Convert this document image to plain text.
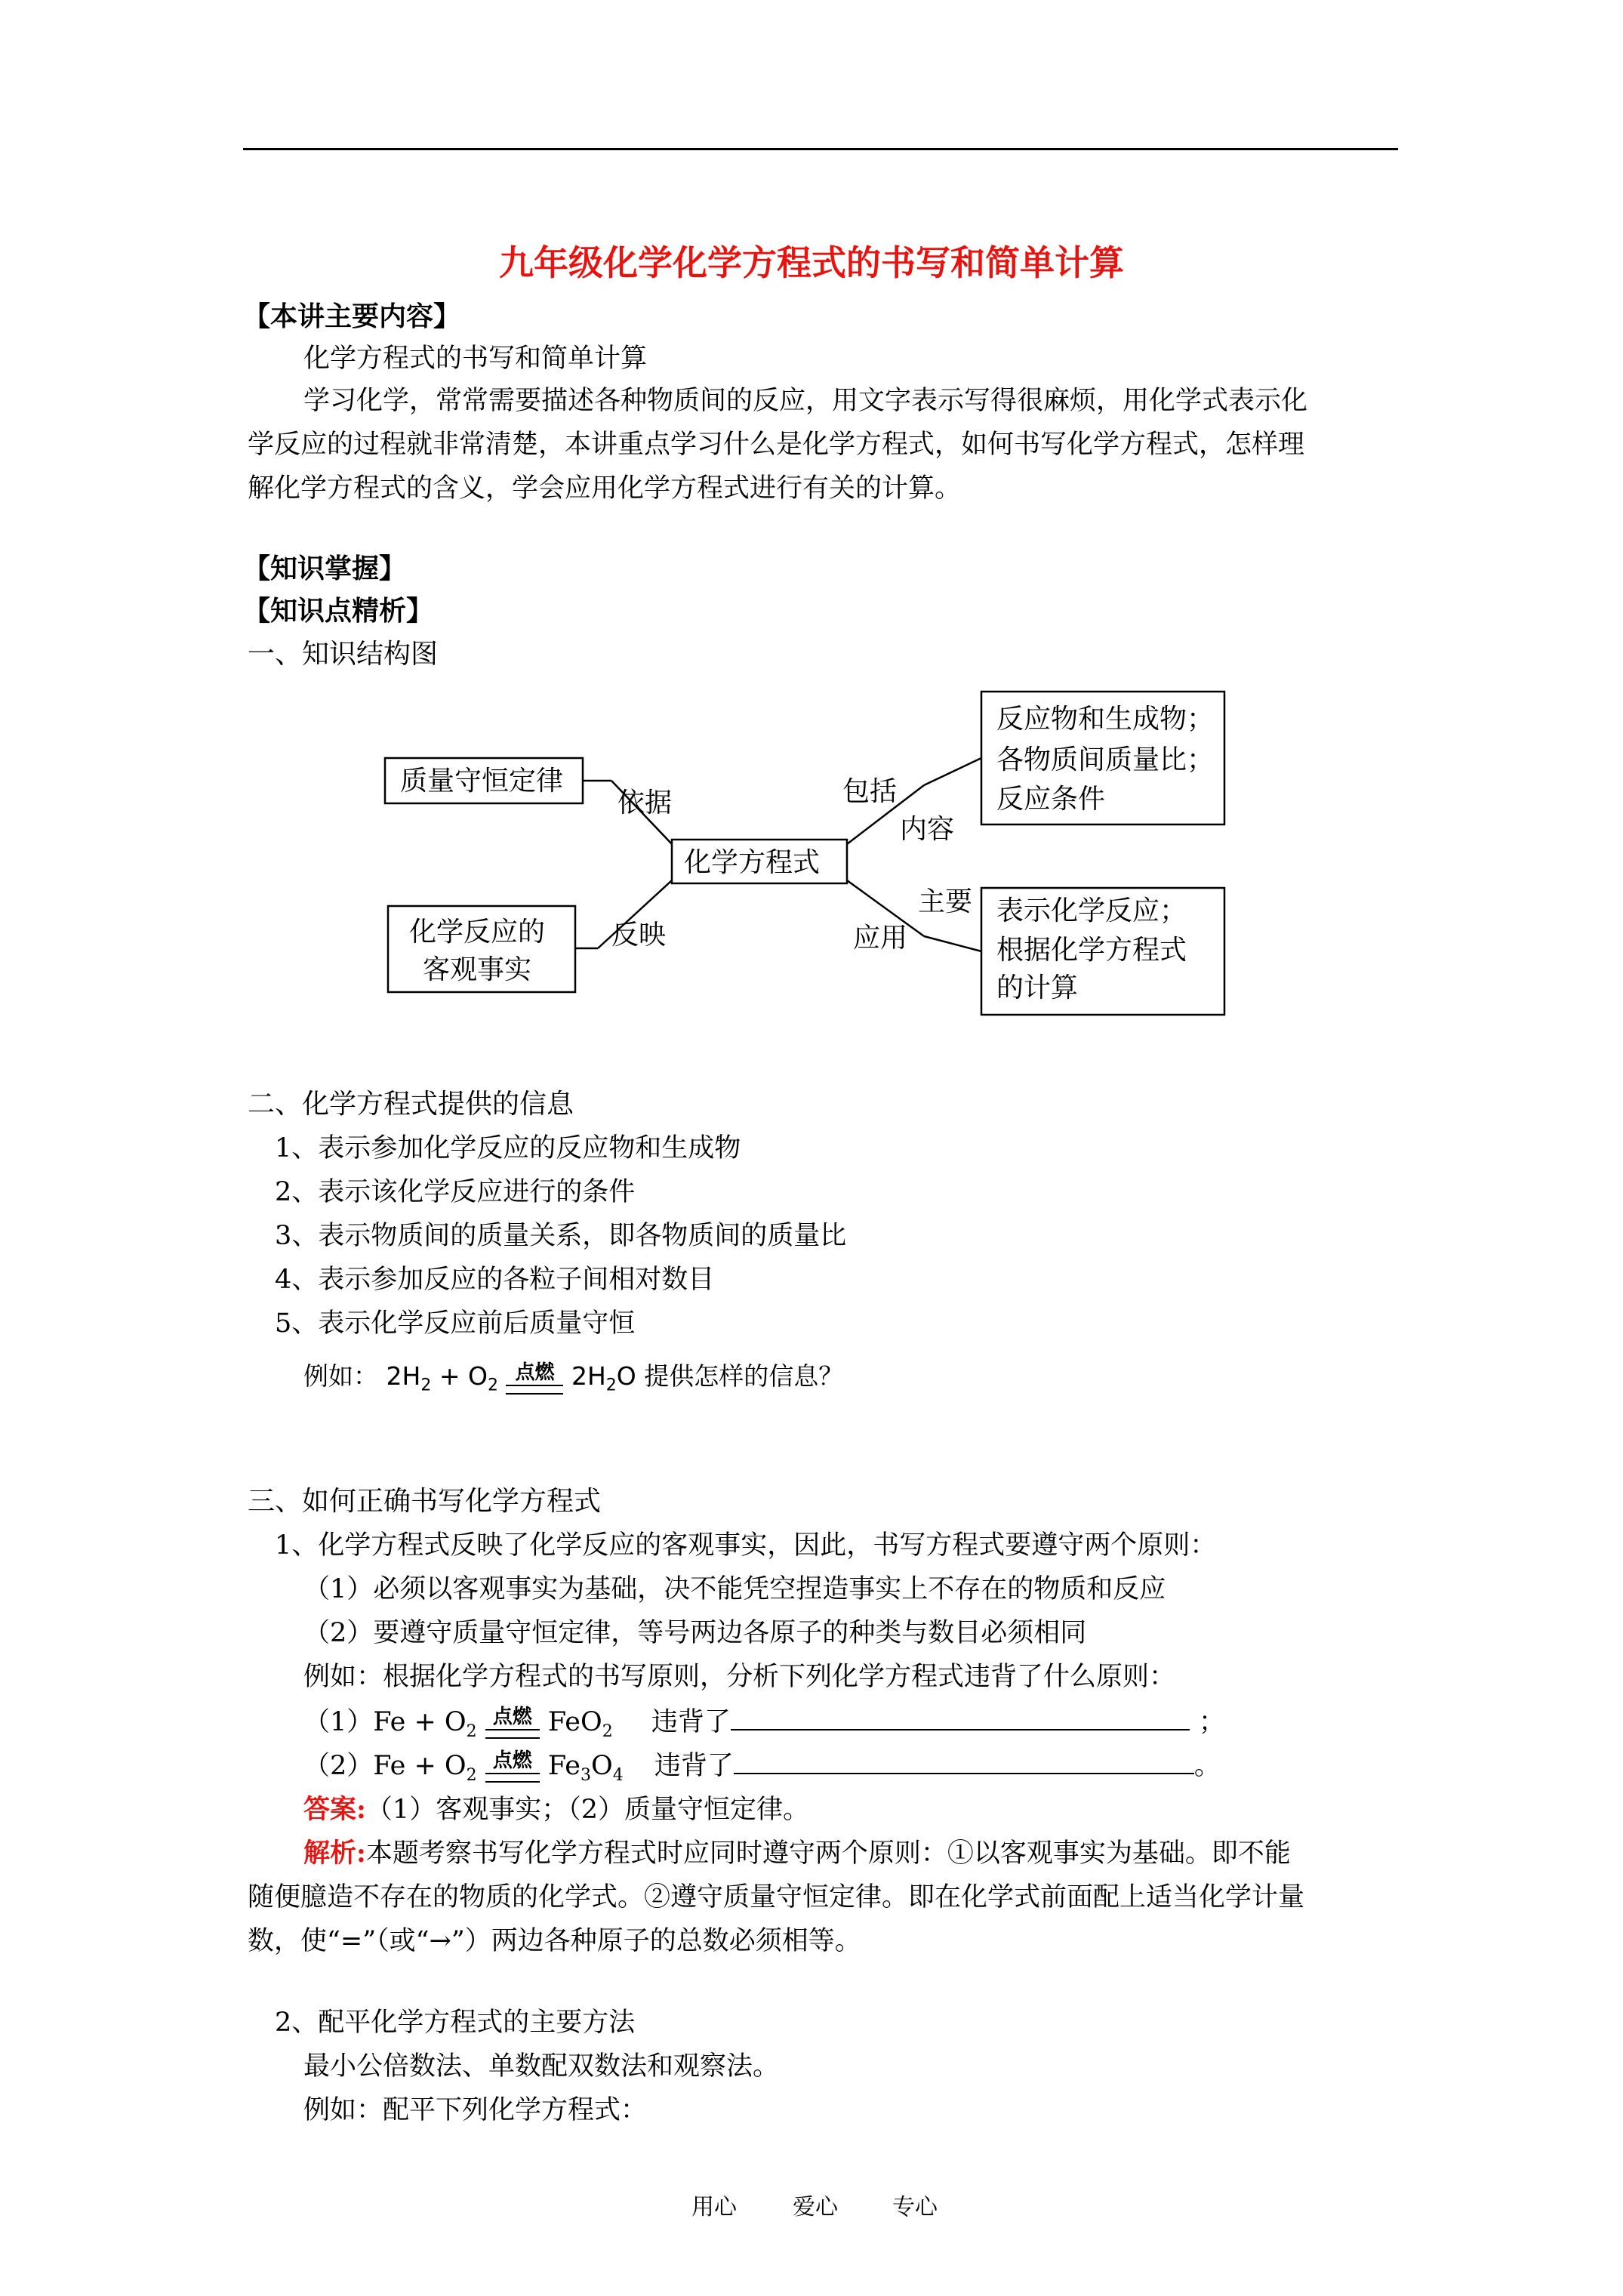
九年级化学化学方程式的书写和简单计算
【本讲主要内容】
化学方程式的书写和简单计算
学习化学，常常需要描述各种物质间的反应，用文字表示写得很麻烦，用化学式表示化
学反应的过程就非常清楚，本讲重点学习什么是化学方程式，如何书写化学方程式，怎样理
解化学方程式的含义，学会应用化学方程式进行有关的计算。
【知识掌握】
【知识点精析】
一、知识结构图
化学方程式
质量守恒定律
依据
化学反应的
客观事实
反映
包括
内容
反应物和生成物；
各物质间质量比；
反应条件
主要
应用
表示化学反应；
根据化学方程式
的计算
二、化学方程式提供的信息
1、表示参加化学反应的反应物和生成物
2、表示该化学反应进行的条件
3、表示物质间的质量关系，即各物质间的质量比
4、表示参加反应的各粒子间相对数目
5、表示化学反应前后质量守恒
例如： $2H_2 + O_2$
点燃 $2H_2O$ 提供怎样的信息？
三、如何正确书写化学方程式
1、化学方程式反映了化学反应的客观事实，因此，书写方程式要遵守两个原则：
（1）必须以客观事实为基础，决不能凭空捏造事实上不存在的物质和反应
（2）要遵守质量守恒定律，等号两边各原子的种类与数目必须相同
例如：根据化学方程式的书写原则，分析下列化学方程式违背了什么原则：
$(1)Fe + O_2$
点燃 FeO$_2$ 违背了	；
$(2)Fe + O_2$
点燃 $Fe_3O_4$ 违背了	。
答案:（1）客观事实；（2）质量守恒定律。
解析:本题考察书写化学方程式时应同时遵守两个原则：①以客观事实为基础。即不能
随便臆造不存在的物质的化学式。②遵守质量守恒定律。即在化学式前面配上适当化学计量
数，使“=”（或“→”）两边各种原子的总数必须相等。
2、配平化学方程式的主要方法
最小公倍数法、单数配双数法和观察法。
例如：配平下列化学方程式：
用心 爱心 专心
